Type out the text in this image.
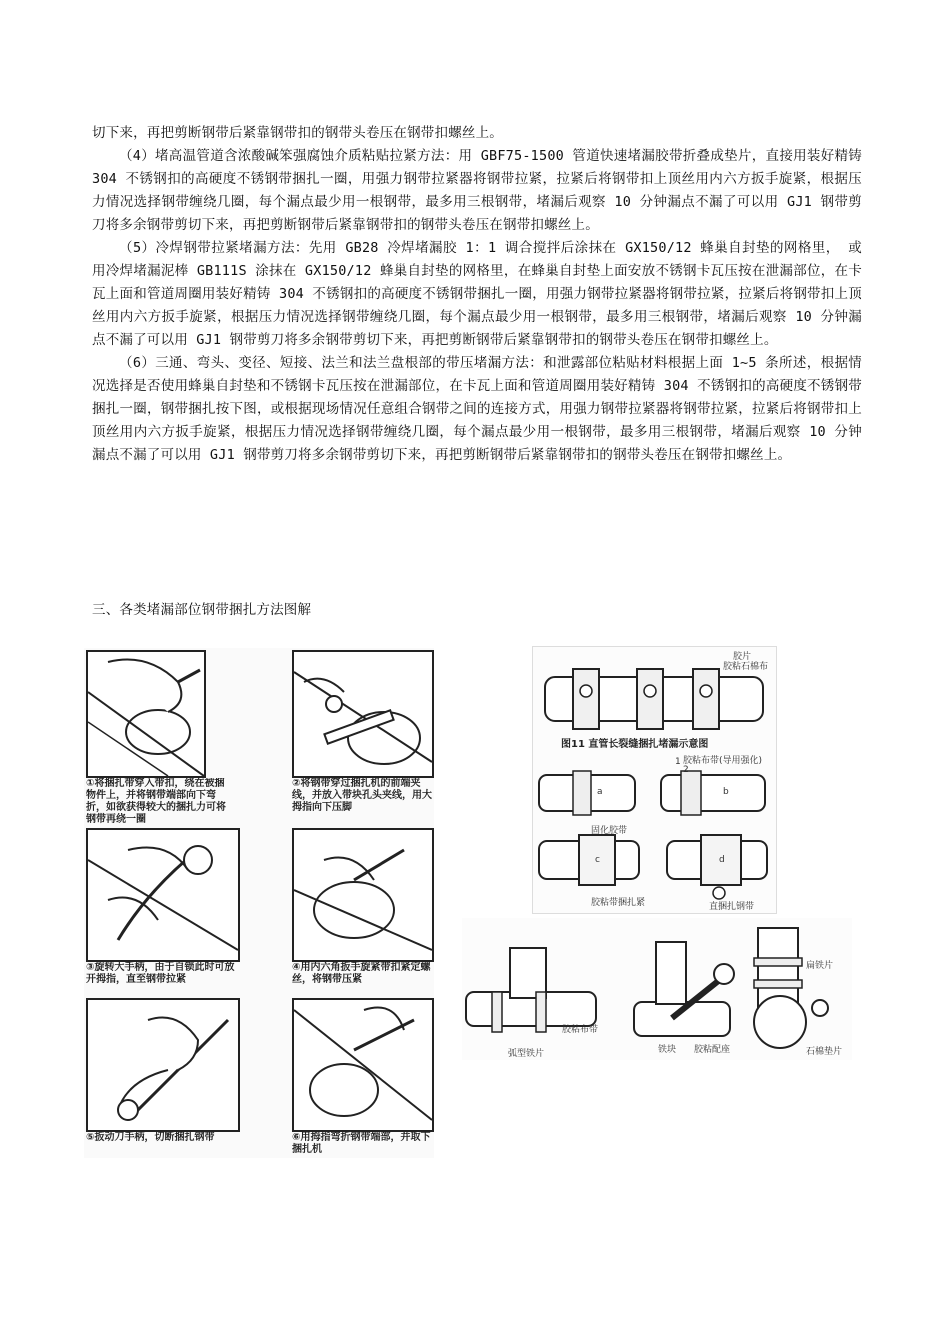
切下来，再把剪断钢带后紧靠钢带扣的钢带头卷压在钢带扣螺丝上。

（4）堵高温管道含浓酸碱笨强腐蚀介质粘贴拉紧方法：用 GBF75-1500 管道快速堵漏胶带折叠成垫片，直接用装好精铸 304 不锈钢扣的高硬度不锈钢带捆扎一圈，用强力钢带拉紧器将钢带拉紧，拉紧后将钢带扣上顶丝用内六方扳手旋紧，根据压力情况选择钢带缠绕几圈，每个漏点最少用一根钢带，最多用三根钢带，堵漏后观察 10 分钟漏点不漏了可以用 GJ1 钢带剪刀将多余钢带剪切下来，再把剪断钢带后紧靠钢带扣的钢带头卷压在钢带扣螺丝上。

（5）冷焊钢带拉紧堵漏方法：先用 GB28 冷焊堵漏胶 1：1 调合搅拌后涂抹在 GX150/12 蜂巢自封垫的网格里， 或用冷焊堵漏泥棒 GB111S 涂抹在 GX150/12 蜂巢自封垫的网格里，在蜂巢自封垫上面安放不锈钢卡瓦压按在泄漏部位，在卡瓦上面和管道周圈用装好精铸 304 不锈钢扣的高硬度不锈钢带捆扎一圈，用强力钢带拉紧器将钢带拉紧，拉紧后将钢带扣上顶丝用内六方扳手旋紧，根据压力情况选择钢带缠绕几圈，每个漏点最少用一根钢带，最多用三根钢带，堵漏后观察 10 分钟漏点不漏了可以用 GJ1 钢带剪刀将多余钢带剪切下来，再把剪断钢带后紧靠钢带扣的钢带头卷压在钢带扣螺丝上。

（6）三通、弯头、变径、短接、法兰和法兰盘根部的带压堵漏方法：和泄露部位粘贴材料根据上面 1~5 条所述，根据情况选择是否使用蜂巢自封垫和不锈钢卡瓦压按在泄漏部位，在卡瓦上面和管道周圈用装好精铸 304 不锈钢扣的高硬度不锈钢带捆扎一圈，钢带捆扎按下图，或根据现场情况任意组合钢带之间的连接方式，用强力钢带拉紧器将钢带拉紧，拉紧后将钢带扣上顶丝用内六方扳手旋紧，根据压力情况选择钢带缠绕几圈，每个漏点最少用一根钢带，最多用三根钢带，堵漏后观察 10 分钟漏点不漏了可以用 GJ1 钢带剪刀将多余钢带剪切下来，再把剪断钢带后紧靠钢带扣的钢带头卷压在钢带扣螺丝上。

三、各类堵漏部位钢带捆扎方法图解
①将捆扎带穿入带扣，绕在被捆物件上，并将钢带端部向下弯折，如欲获得较大的捆扎力可将钢带再绕一圈
②将钢带穿过捆扎机的前端夹线，并放入带块孔头夹线，用大拇指向下压脚
③旋转大手柄，由于自锁此时可放开拇指，直至钢带拉紧
④用内六角扳手旋紧带扣紧定螺丝，将钢带压紧
⑤扳动刀手柄，切断捆扎钢带	⑥用拇指弯折钢带端部，并取下捆扎机
胶片
胶粘石棉布
图11 直管长裂缝捆扎堵漏示意图
胶粘布带(导用强化)
a	b
1
2
固化胶带
c	d
胶粘带捆扎紧	直捆扎钢带
胶粘布带
弧型铁片	铁块 胶粘配座
扁铁片
石棉垫片
